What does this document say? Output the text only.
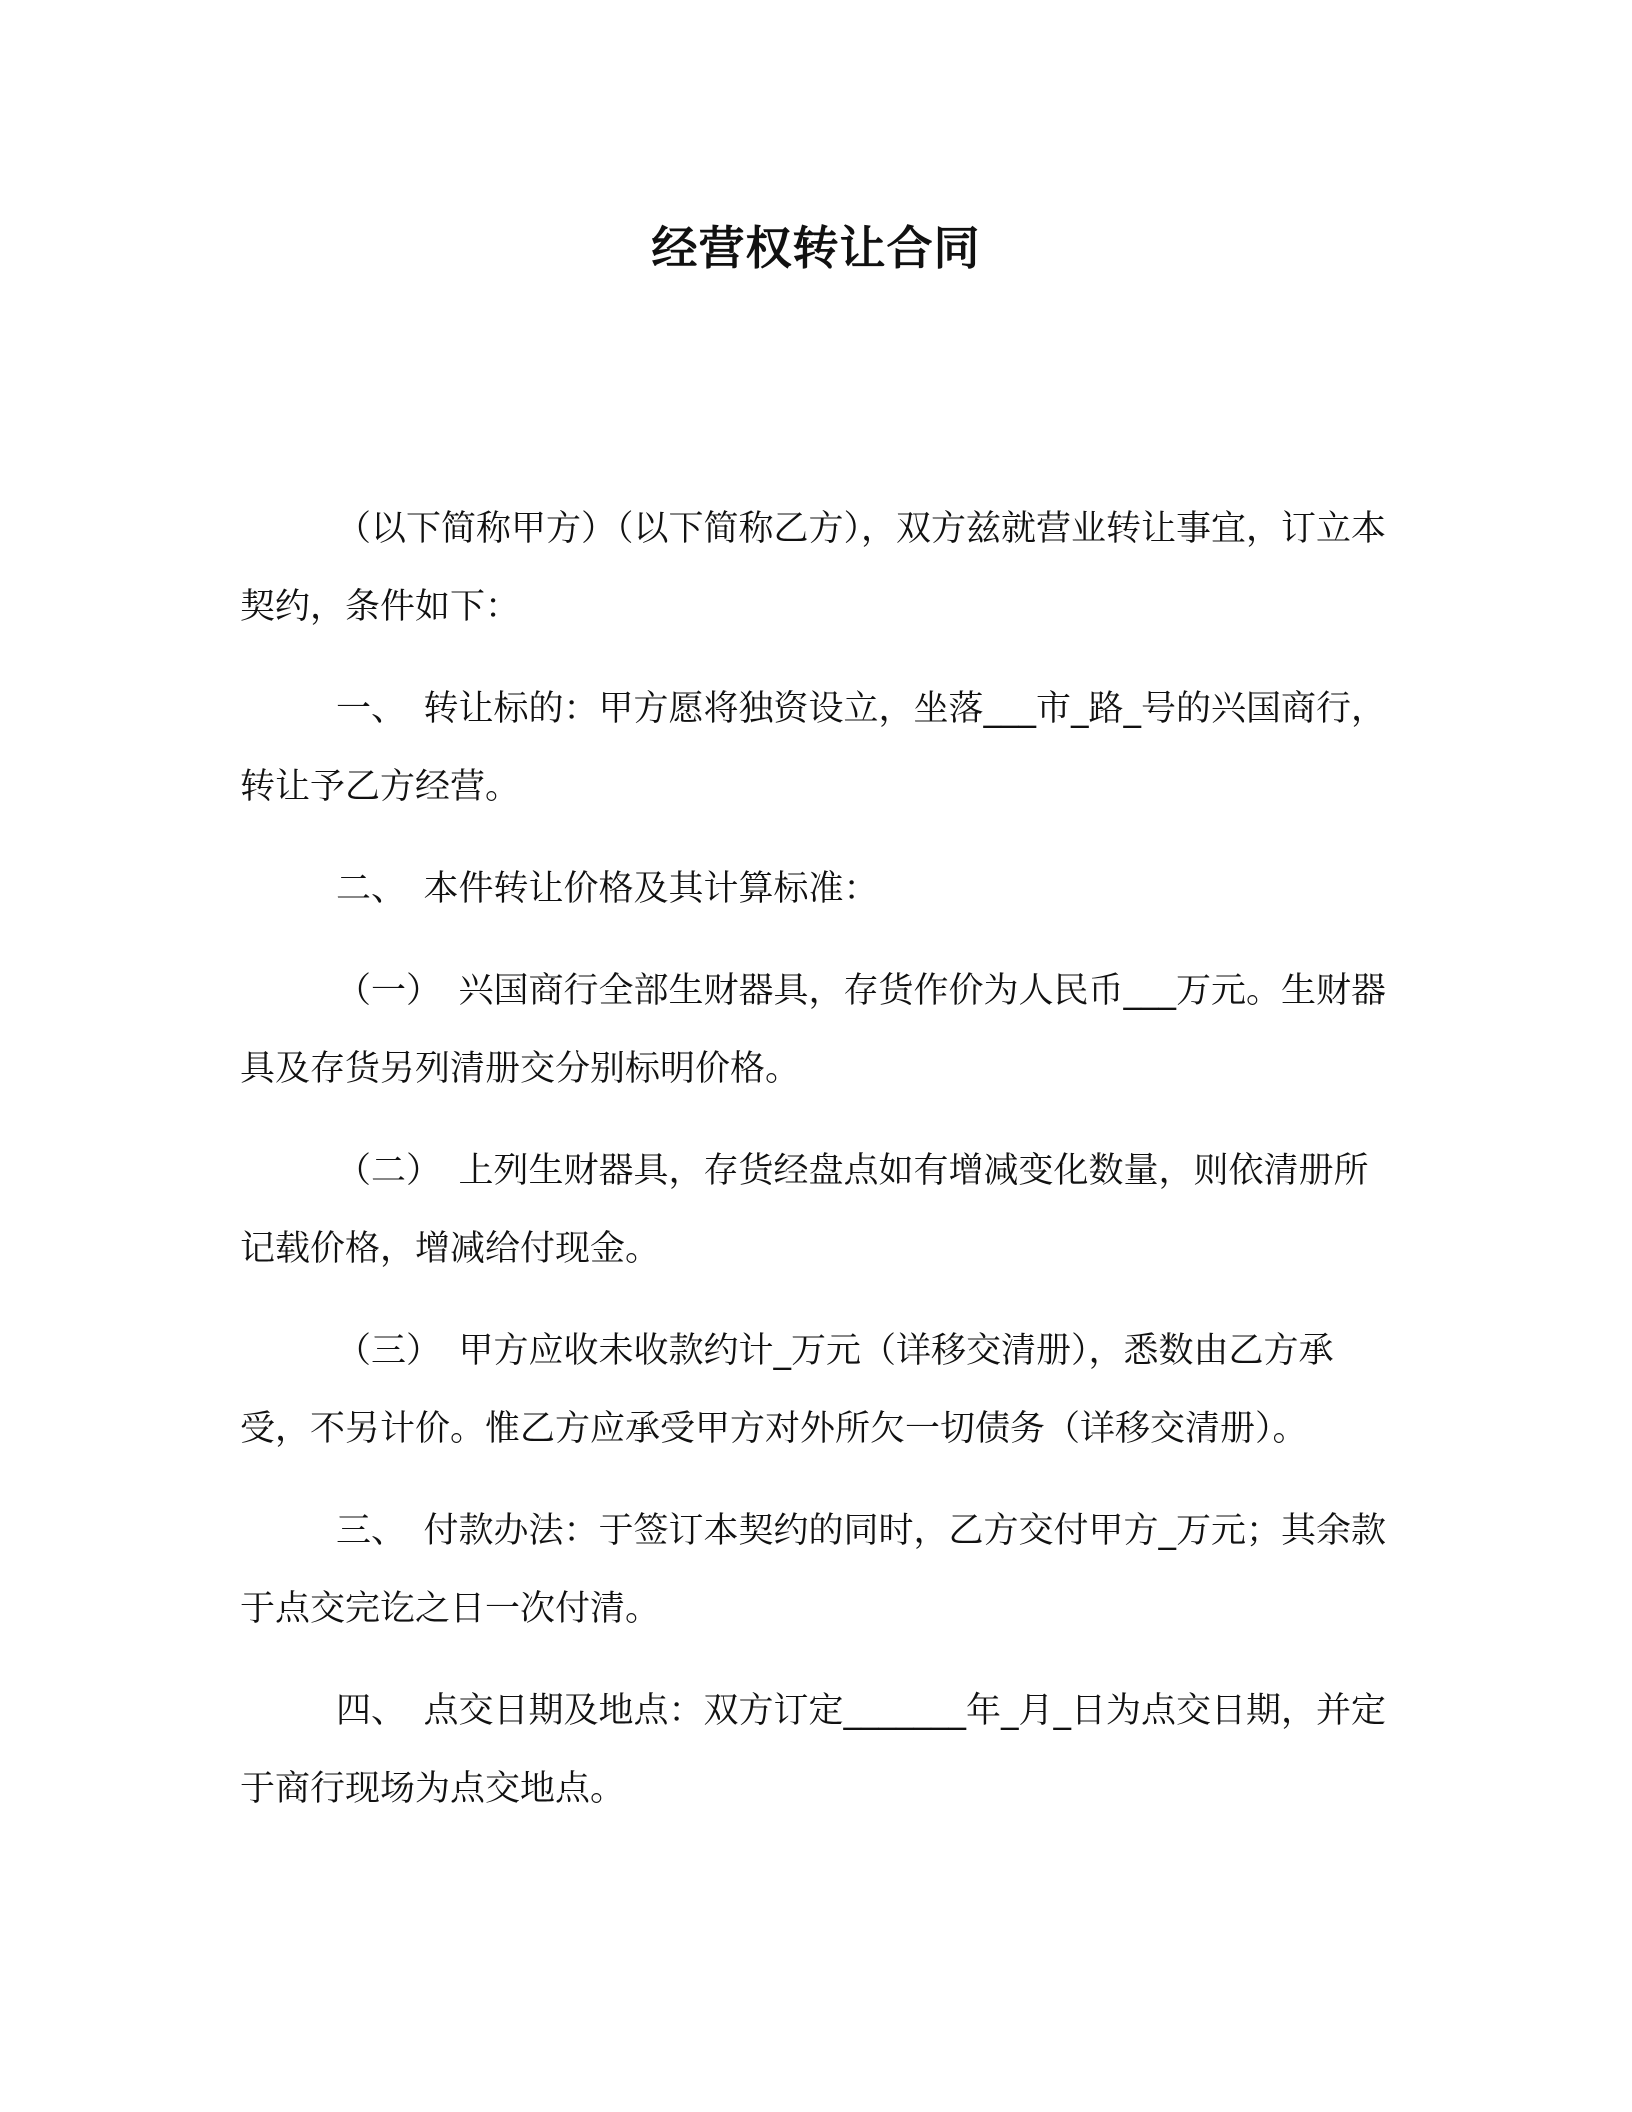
经营权转让合同

（以下简称甲方）（以下简称乙方），双方兹就营业转让事宜，订立本契约，条件如下：

一、 转让标的：甲方愿将独资设立，坐落___市_路_号的兴国商行，转让予乙方经营。

二、 本件转让价格及其计算标准：

（一） 兴国商行全部生财器具，存货作价为人民币___万元。生财器具及存货另列清册交分别标明价格。

（二） 上列生财器具，存货经盘点如有增减变化数量，则依清册所记载价格，增减给付现金。

（三） 甲方应收未收款约计_万元（详移交清册），悉数由乙方承受，不另计价。惟乙方应承受甲方对外所欠一切债务（详移交清册）。

三、 付款办法：于签订本契约的同时，乙方交付甲方_万元；其余款于点交完讫之日一次付清。

四、 点交日期及地点：双方订定_______年_月_日为点交日期，并定于商行现场为点交地点。
